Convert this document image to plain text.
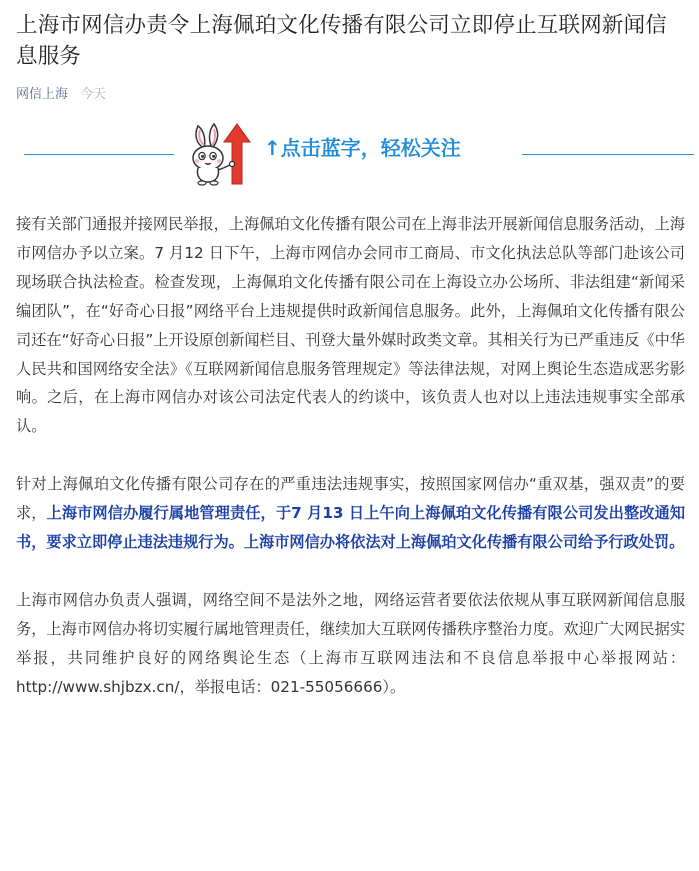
上海市网信办责令上海佩珀文化传播有限公司立即停止互联网新闻信息服务
网信上海 今天
↑点击蓝字，轻松关注

接有关部门通报并接网民举报，上海佩珀文化传播有限公司在上海非法开展新闻信息服务活动，上海市网信办予以立案。7 月12 日下午，上海市网信办会同市工商局、市文化执法总队等部门赴该公司现场联合执法检查。检查发现，上海佩珀文化传播有限公司在上海设立办公场所、非法组建“新闻采编团队”，在“好奇心日报”网络平台上违规提供时政新闻信息服务。此外，上海佩珀文化传播有限公司还在“好奇心日报”上开设原创新闻栏目、刊登大量外媒时政类文章。其相关行为已严重违反《中华人民共和国网络安全法》《互联网新闻信息服务管理规定》等法律法规，对网上舆论生态造成恶劣影响。之后，在上海市网信办对该公司法定代表人的约谈中，该负责人也对以上违法违规事实全部承认。

针对上海佩珀文化传播有限公司存在的严重违法违规事实，按照国家网信办“重双基，强双责”的要求，上海市网信办履行属地管理责任，于7 月13 日上午向上海佩珀文化传播有限公司发出整改通知书，要求立即停止违法违规行为。上海市网信办将依法对上海佩珀文化传播有限公司给予行政处罚。

上海市网信办负责人强调，网络空间不是法外之地，网络运营者要依法依规从事互联网新闻信息服务，上海市网信办将切实履行属地管理责任，继续加大互联网传播秩序整治力度。欢迎广大网民据实举报，共同维护良好的网络舆论生态（上海市互联网违法和不良信息举报中心举报网站：http://www.shjbzx.cn/，举报电话：021-55056666）。
